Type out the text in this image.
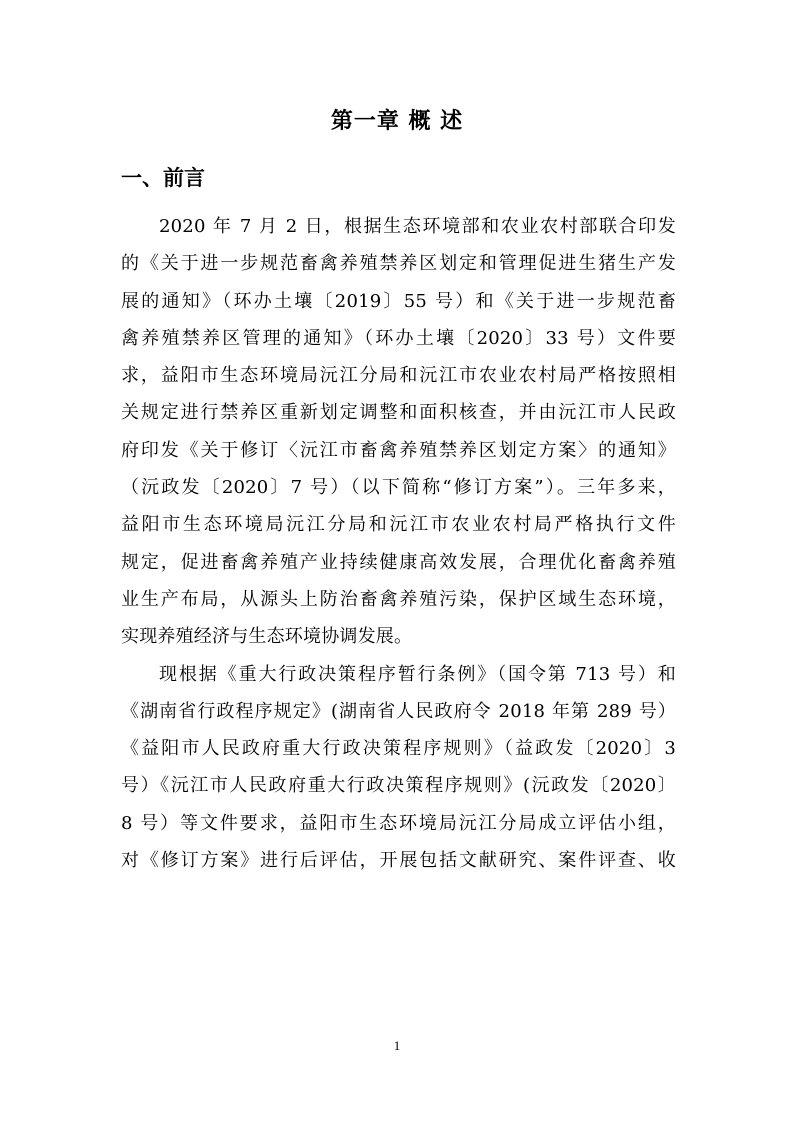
第一章 概 述
一、前言
2020 年 7 月 2 日，根据生态环境部和农业农村部联合印发
的《关于进一步规范畜禽养殖禁养区划定和管理促进生猪生产发
展的通知》（环办土壤〔2019〕55 号）和《关于进一步规范畜
禽养殖禁养区管理的通知》（环办土壤〔2020〕33 号）文件要
求，益阳市生态环境局沅江分局和沅江市农业农村局严格按照相
关规定进行禁养区重新划定调整和面积核查，并由沅江市人民政
府印发《关于修订〈沅江市畜禽养殖禁养区划定方案〉的通知》
（沅政发〔2020〕7 号）（以下简称“修订方案”）。三年多来，
益阳市生态环境局沅江分局和沅江市农业农村局严格执行文件
规定，促进畜禽养殖产业持续健康高效发展，合理优化畜禽养殖
业生产布局，从源头上防治畜禽养殖污染，保护区域生态环境，
实现养殖经济与生态环境协调发展。
现根据《重大行政决策程序暂行条例》（国令第 713 号）和
《湖南省行政程序规定》(湖南省人民政府令 2018 年第 289 号）
《益阳市人民政府重大行政决策程序规则》（益政发〔2020〕3
号）《沅江市人民政府重大行政决策程序规则》(沅政发〔2020〕
8 号）等文件要求，益阳市生态环境局沅江分局成立评估小组，
对《修订方案》进行后评估，开展包括文献研究、案件评查、收
1
